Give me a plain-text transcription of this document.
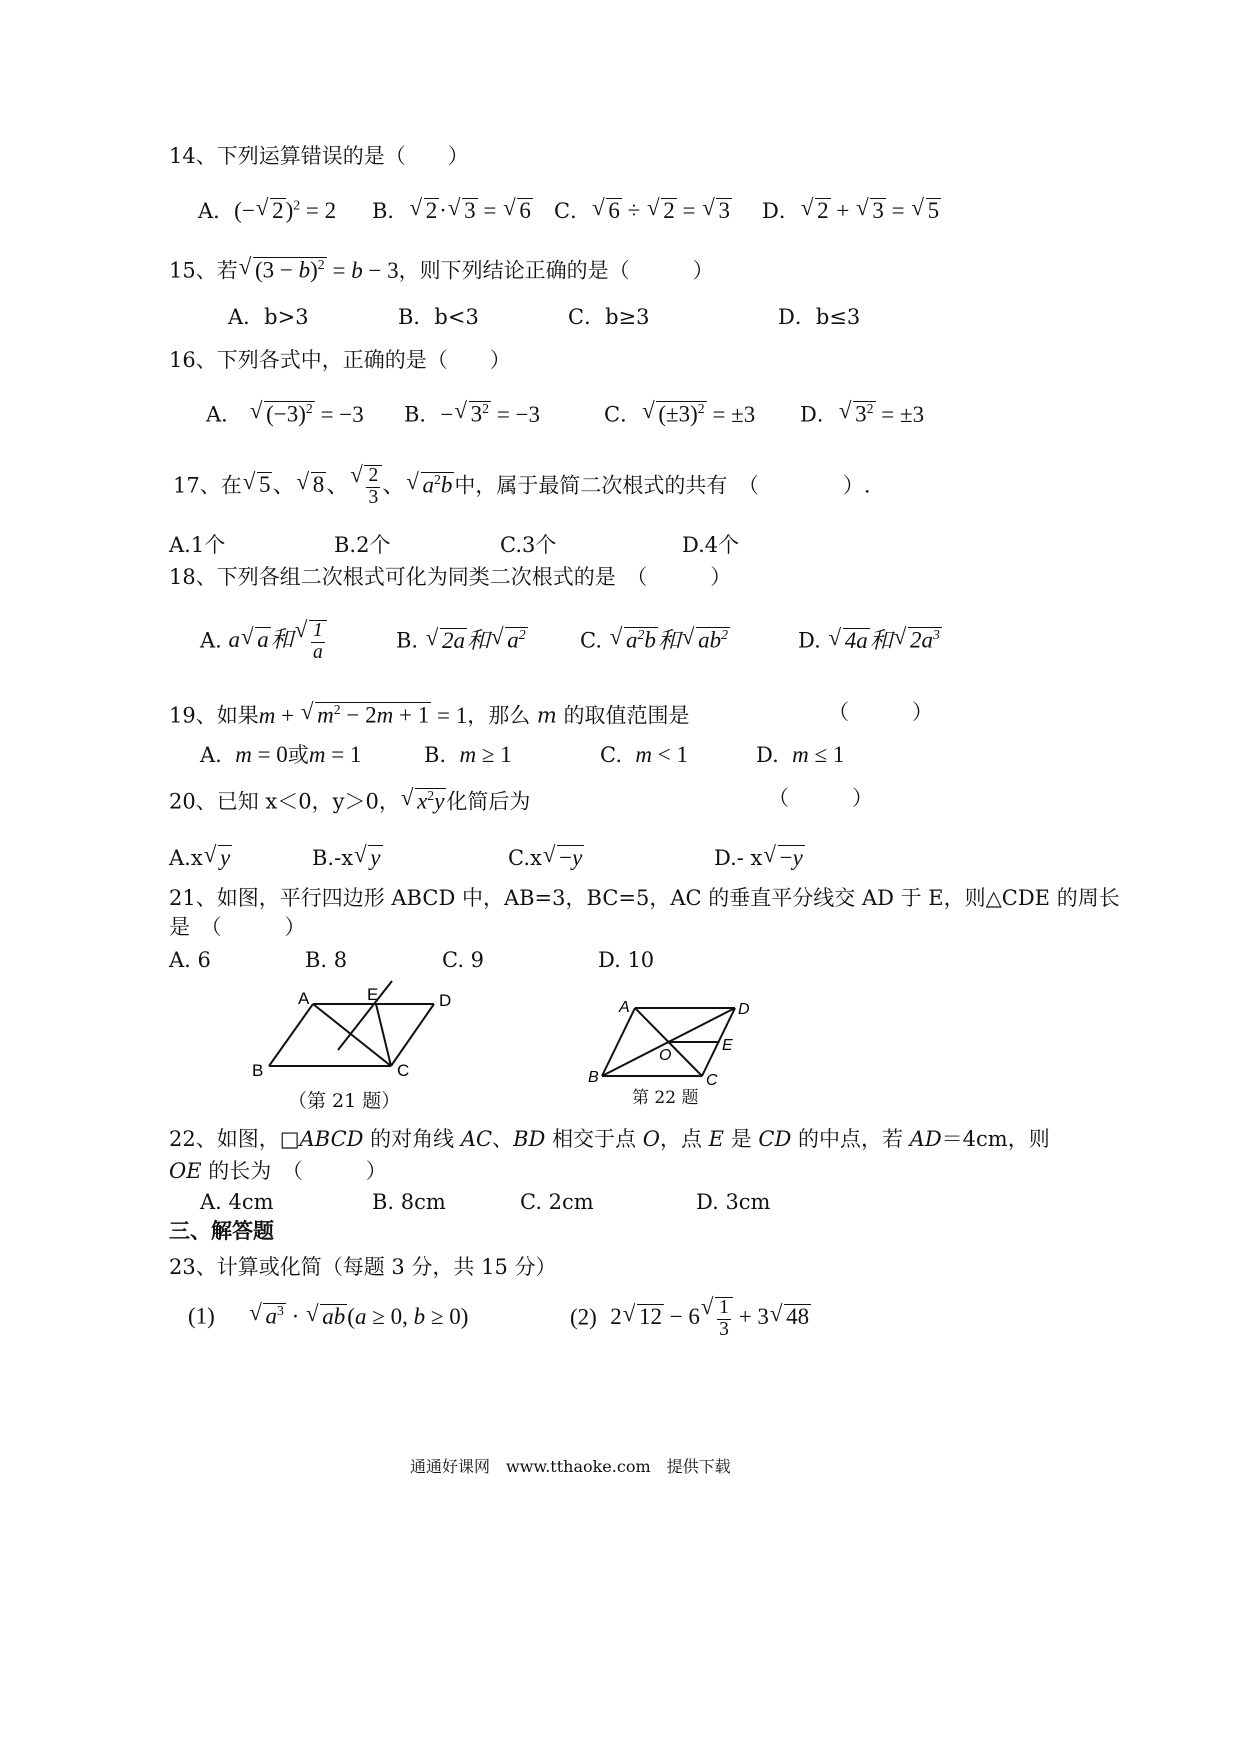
14、下列运算错误的是（　　）
A．(−√ 2)$^2$ = 2 B．√ 2·√ 3 = √ 6 C．√ 6 ÷ √ 2 = √ 3 D．√ 2 + √ 3 = √ 5
15、若√ $(3 - b)^2 = b - 3$，则下列结论正确的是（　　　）
A．b>3	B．b<3	C．b≥3	D．b≤3
16、下列各式中，正确的是（　　）
A． √ $(-3)^2 = -3$ B．−√ $3^2 = -3$	C．√ $(\pm 3)^2 = \pm 3$ D．√ $3^2 = \pm 3$
17、在√ 5、√ 8、
√ $\frac{2}{3}$ 、√ $a^2b$中，属于最简二次根式的共有　（　　　　）.
A.1个	B.2个	C.3个	D.4个
18、下列各组二次根式可化为同类二次根式的是　（　　　）
A. a√ a和
√ $\frac{1}{a}$	B. √ 2a和√ $a^2$	C. √ $a^2b$和√ $ab^2$	D. √ 4a和√ $2a^3$
19、如果m + √ $m^2 - 2m + 1 = 1$，那么 m 的取值范围是	（　　　）
A. m = 0或m = 1	B. m ≥ 1	C. m < 1	D. m ≤ 1
20、已知 x＜0，y＞0，√ $x^2y$化简后为	（　　　）
A.x√ y	B.-x√ y	C.x√ −y	D.- x√ −y
21、如图，平行四边形 ABCD 中，AB=3，BC=5，AC 的垂直平分线交 AD 于 E，则△CDE 的周长
是　（　　　）
A. 6	B. 8	C. 9	D. 10
A	E	D
B	C
（第 21 题）
A	D
O
E
B	C
第 22 题
22、如图，□ABCD 的对角线 AC、BD 相交于点 O，点 E 是 CD 的中点，若 AD＝4cm，则
OE 的长为　（　　　）
A. 4cm	B. 8cm	C. 2cm	D. 3cm
三、解答题
23、计算或化简（每题 3 分，共 15 分）
(1)     √ $a^3$ · √ ab(a ≥ 0, b ≥ 0)	(2) 2√ 12 − 6
√ $\frac{1}{3} + 3√$ 48
通通好课网　www.tthaoke.com　提供下载
